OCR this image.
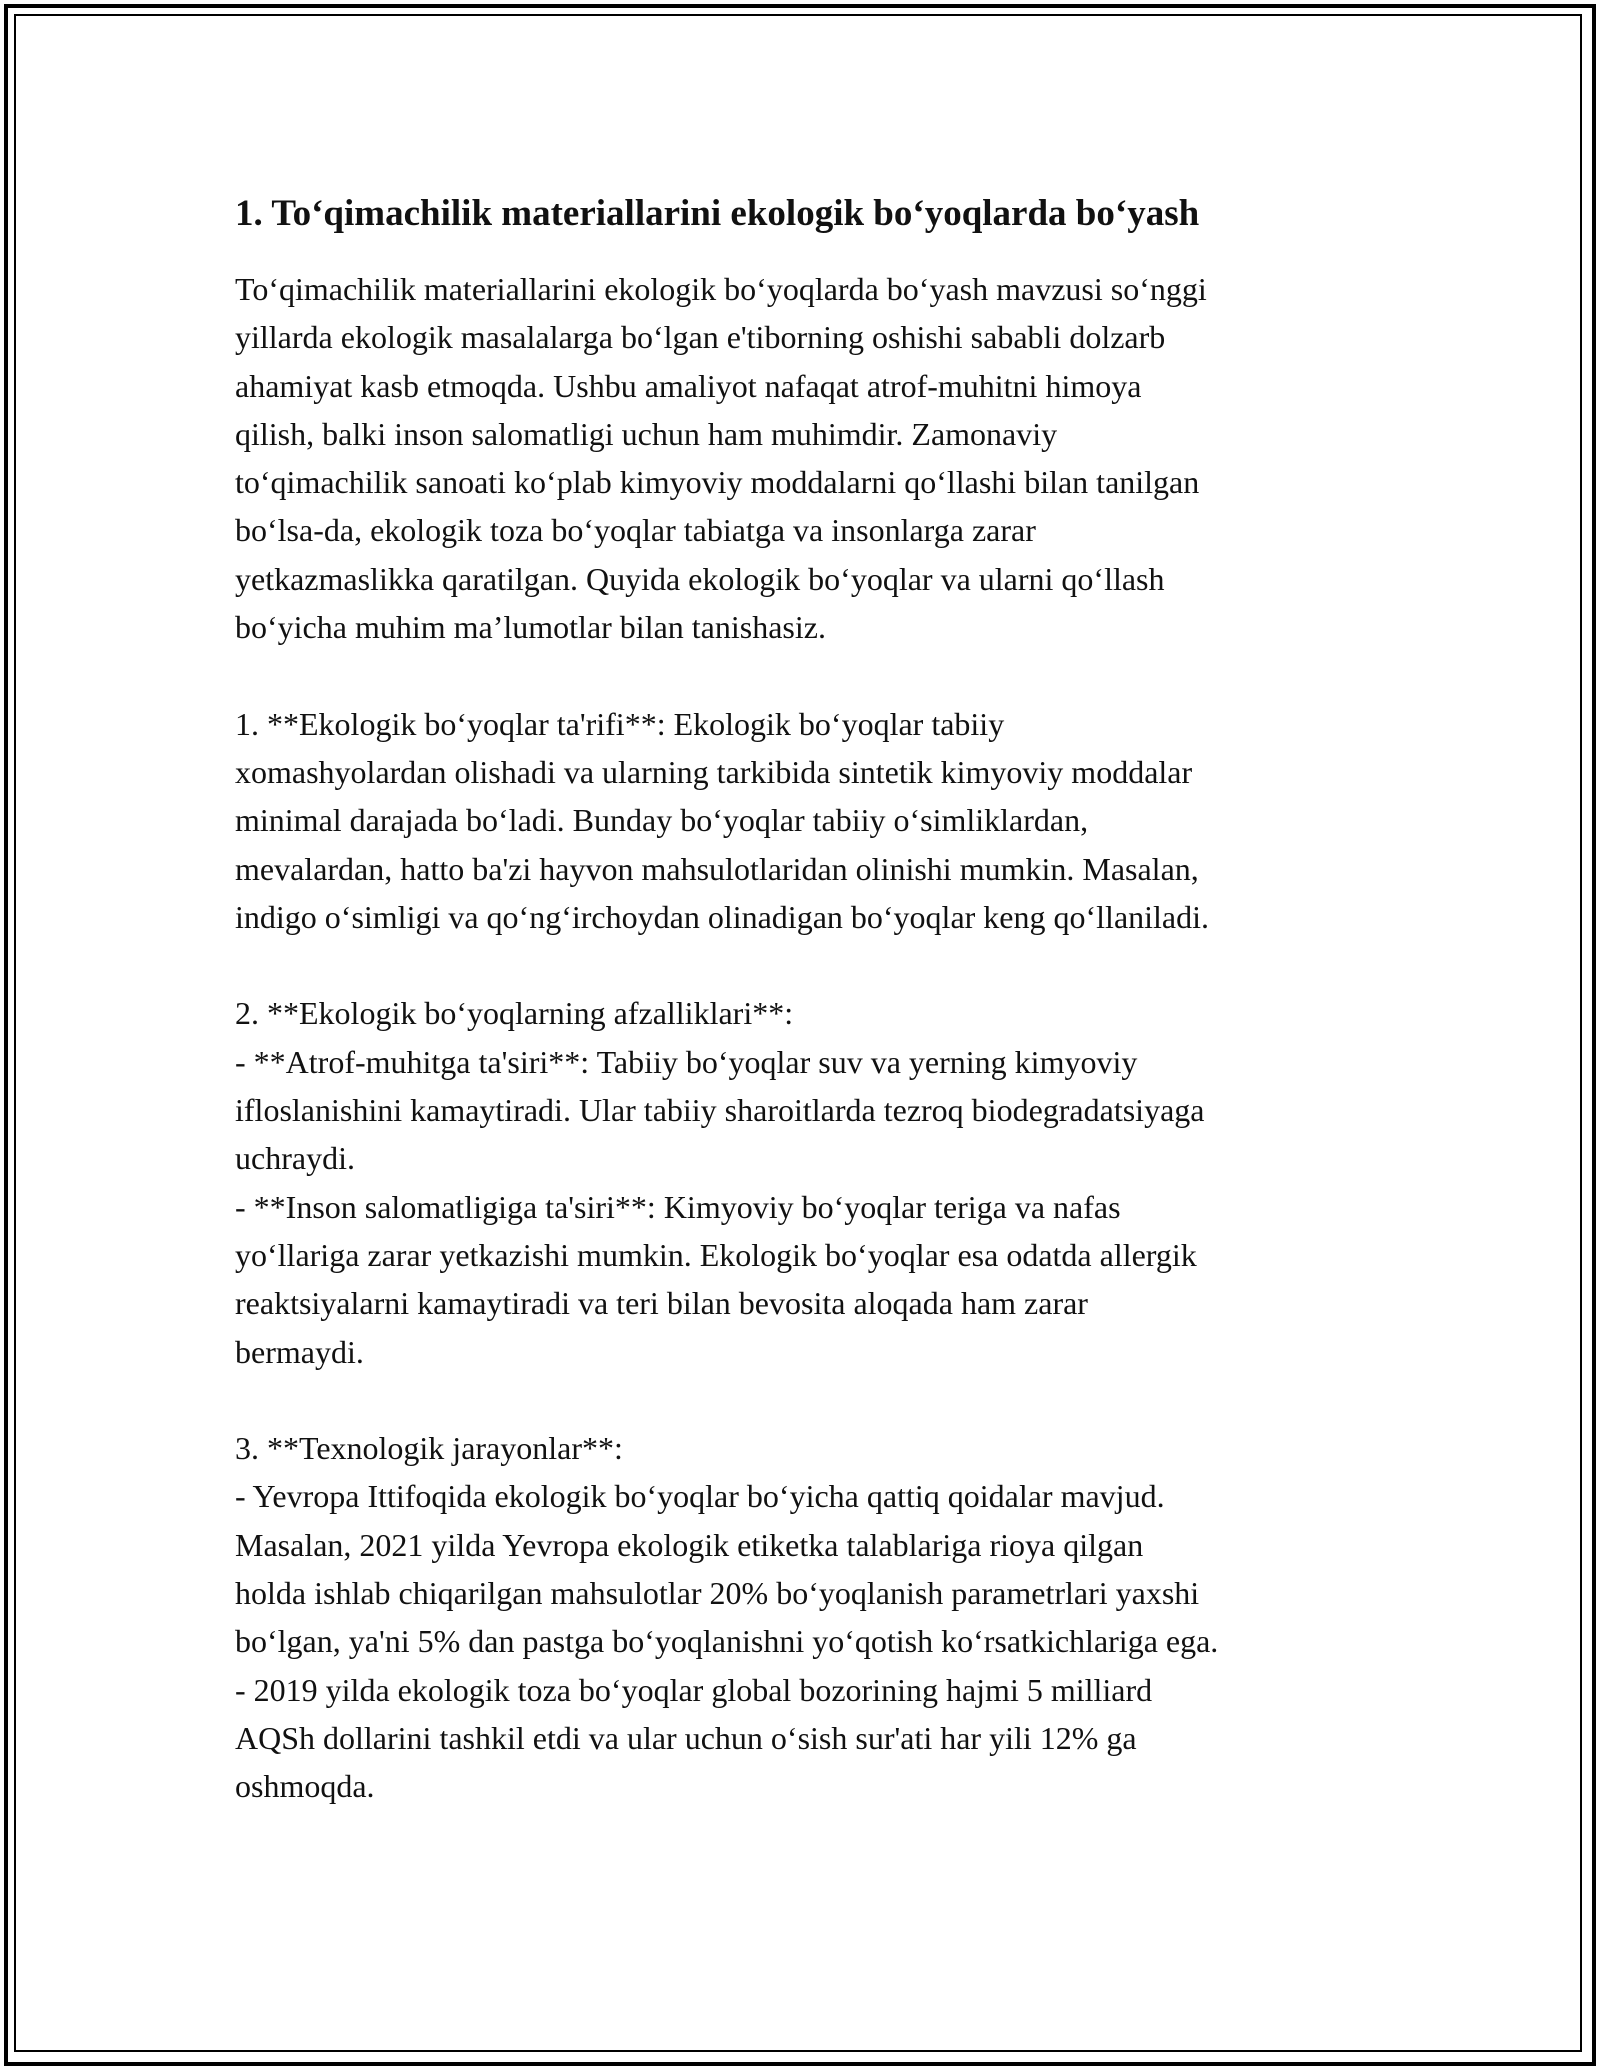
1. To‘qimachilik materiallarini ekologik bo‘yoqlarda bo‘yash

To‘qimachilik materiallarini ekologik bo‘yoqlarda bo‘yash mavzusi so‘nggi
yillarda ekologik masalalarga bo‘lgan e'tiborning oshishi sababli dolzarb
ahamiyat kasb etmoqda. Ushbu amaliyot nafaqat atrof-muhitni himoya
qilish, balki inson salomatligi uchun ham muhimdir. Zamonaviy
to‘qimachilik sanoati ko‘plab kimyoviy moddalarni qo‘llashi bilan tanilgan
bo‘lsa-da, ekologik toza bo‘yoqlar tabiatga va insonlarga zarar
yetkazmaslikka qaratilgan. Quyida ekologik bo‘yoqlar va ularni qo‘llash
bo‘yicha muhim ma’lumotlar bilan tanishasiz.

1. **Ekologik bo‘yoqlar ta'rifi**: Ekologik bo‘yoqlar tabiiy
xomashyolardan olishadi va ularning tarkibida sintetik kimyoviy moddalar
minimal darajada bo‘ladi. Bunday bo‘yoqlar tabiiy o‘simliklardan,
mevalardan, hatto ba'zi hayvon mahsulotlaridan olinishi mumkin. Masalan,
indigo o‘simligi va qo‘ng‘irchoydan olinadigan bo‘yoqlar keng qo‘llaniladi.

2. **Ekologik bo‘yoqlarning afzalliklari**:
- **Atrof-muhitga ta'siri**: Tabiiy bo‘yoqlar suv va yerning kimyoviy
ifloslanishini kamaytiradi. Ular tabiiy sharoitlarda tezroq biodegradatsiyaga
uchraydi.
- **Inson salomatligiga ta'siri**: Kimyoviy bo‘yoqlar teriga va nafas
yo‘llariga zarar yetkazishi mumkin. Ekologik bo‘yoqlar esa odatda allergik
reaktsiyalarni kamaytiradi va teri bilan bevosita aloqada ham zarar
bermaydi.

3. **Texnologik jarayonlar**:
- Yevropa Ittifoqida ekologik bo‘yoqlar bo‘yicha qattiq qoidalar mavjud.
Masalan, 2021 yilda Yevropa ekologik etiketka talablariga rioya qilgan
holda ishlab chiqarilgan mahsulotlar 20% bo‘yoqlanish parametrlari yaxshi
bo‘lgan, ya'ni 5% dan pastga bo‘yoqlanishni yo‘qotish ko‘rsatkichlariga ega.
- 2019 yilda ekologik toza bo‘yoqlar global bozorining hajmi 5 milliard
AQSh dollarini tashkil etdi va ular uchun o‘sish sur'ati har yili 12% ga
oshmoqda.
